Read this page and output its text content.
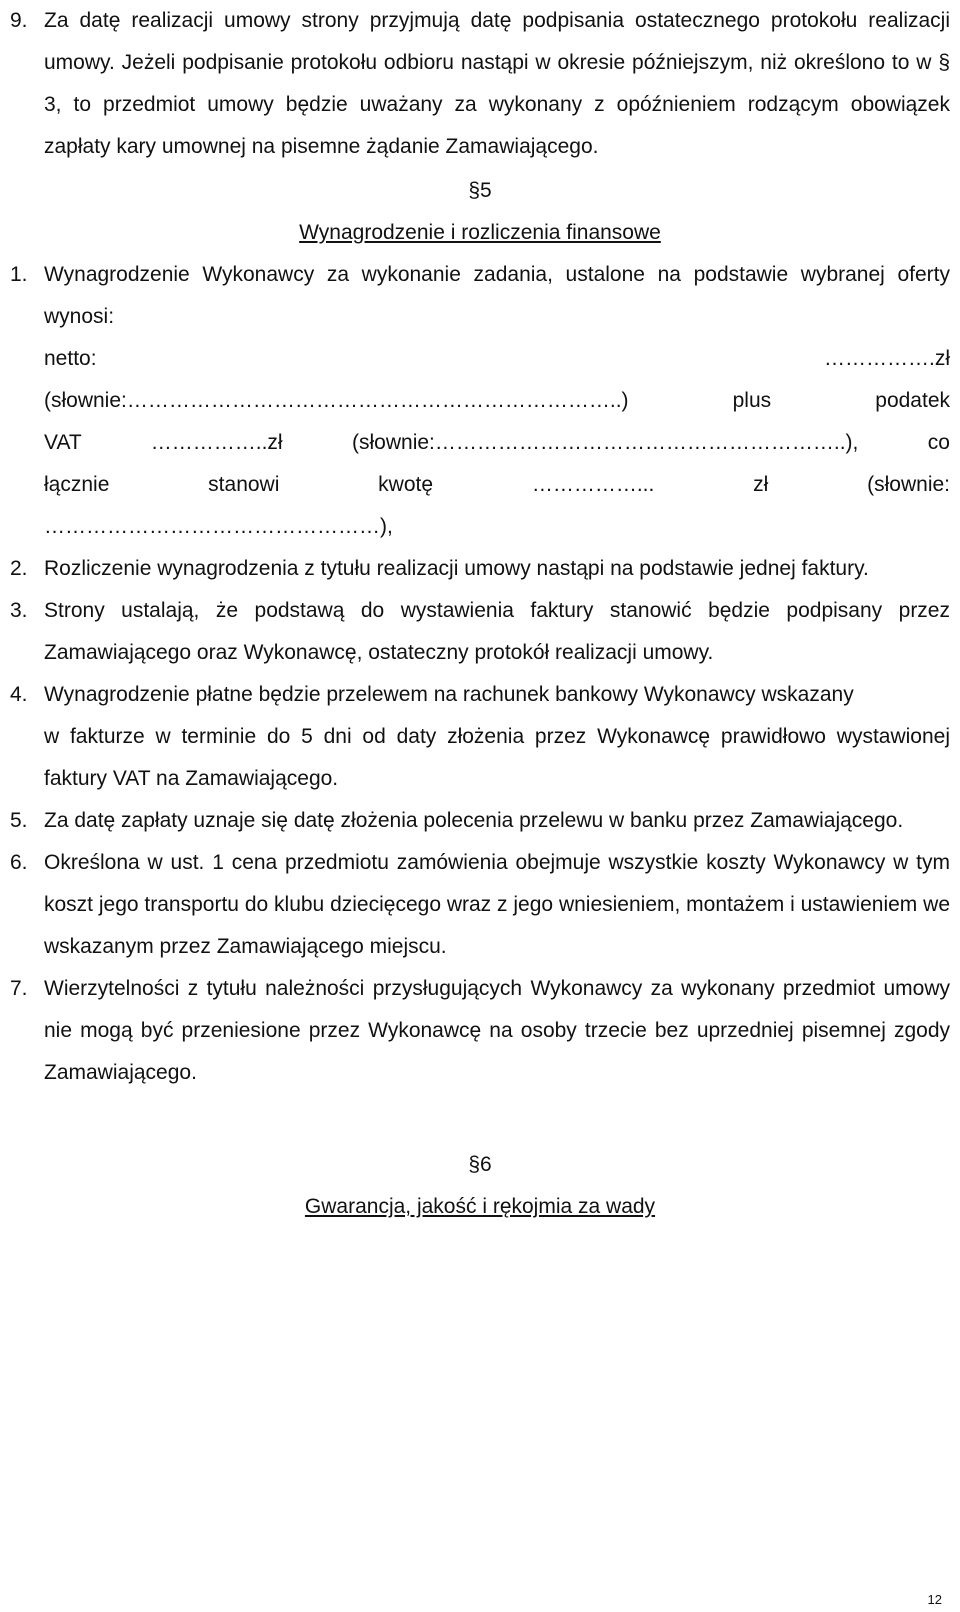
9. Za datę realizacji umowy strony przyjmują datę podpisania ostatecznego protokołu realizacji umowy. Jeżeli podpisanie protokołu odbioru nastąpi w okresie późniejszym, niż określono to w § 3, to przedmiot umowy będzie uważany za wykonany z opóźnieniem rodzącym obowiązek zapłaty kary umownej na pisemne żądanie Zamawiającego.
§5
Wynagrodzenie i rozliczenia finansowe
1. Wynagrodzenie Wykonawcy za wykonanie zadania, ustalone na podstawie wybranej oferty wynosi:
netto:	…………….zł
(słownie:……………………………………………………………..) plus podatek
VAT ……………..zł (słownie:…………………………………………………..), co
łącznie stanowi kwotę ……………... zł (słownie:
…………………………………………),
2. Rozliczenie wynagrodzenia z tytułu realizacji umowy nastąpi na podstawie jednej faktury.
3. Strony ustalają, że podstawą do wystawienia faktury stanowić będzie podpisany przez Zamawiającego oraz Wykonawcę, ostateczny protokół realizacji umowy.
4. Wynagrodzenie płatne będzie przelewem na rachunek bankowy Wykonawcy wskazany
w fakturze w terminie do 5 dni od daty złożenia przez Wykonawcę prawidłowo wystawionej faktury VAT na Zamawiającego.
5. Za datę zapłaty uznaje się datę złożenia polecenia przelewu w banku przez Zamawiającego.
6. Określona w ust. 1 cena przedmiotu zamówienia obejmuje wszystkie koszty Wykonawcy w tym koszt jego transportu do klubu dziecięcego wraz z jego wniesieniem, montażem i ustawieniem we wskazanym przez Zamawiającego miejscu.
7. Wierzytelności z tytułu należności przysługujących Wykonawcy za wykonany przedmiot umowy nie mogą być przeniesione przez Wykonawcę na osoby trzecie bez uprzedniej pisemnej zgody Zamawiającego.
§6
Gwarancja, jakość i rękojmia za wady
12
